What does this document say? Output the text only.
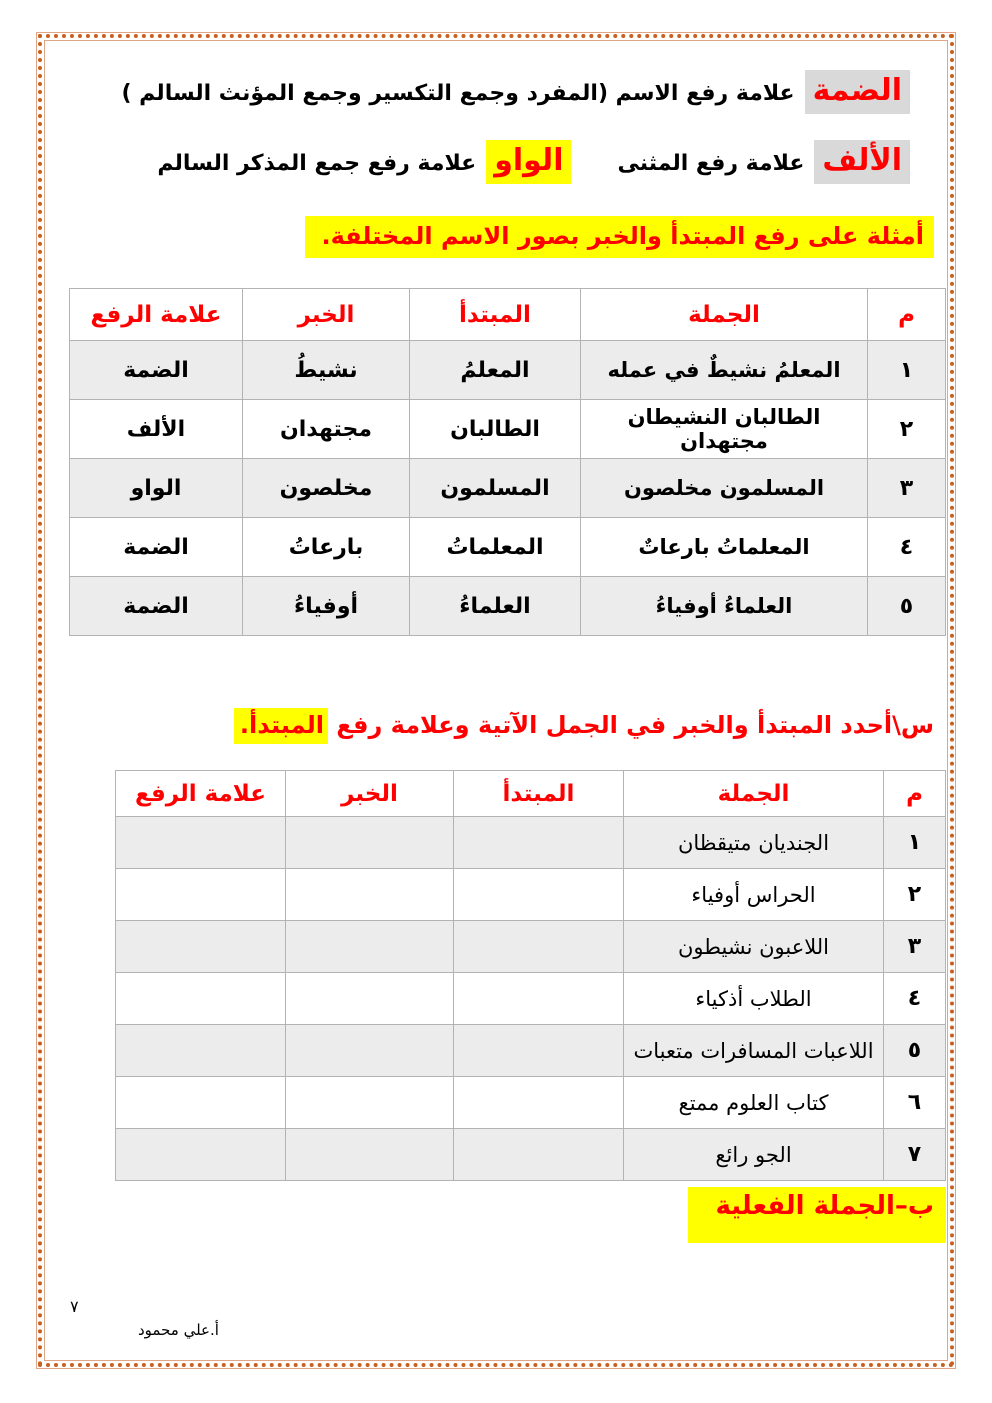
الضمةعلامة رفع الاسم (المفرد وجمع التكسير وجمع المؤنث السالم )
الألفعلامة رفع المثنى
الواوعلامة رفع جمع المذكر السالم
أمثلة على رفع المبتدأ والخبر بصور الاسم المختلفة.
م	الجملة	المبتدأ	الخبر	علامة الرفع
١	المعلمُ نشيطٌ في عمله	المعلمُ	نشيطُ	الضمة
٢	الطالبان النشيطان مجتهدان	الطالبان	مجتهدان	الألف
٣	المسلمون مخلصون	المسلمون	مخلصون	الواو
٤	المعلماتُ بارعاتٌ	المعلماتُ	بارعاتُ	الضمة
٥	العلماءُ أوفياءُ	العلماءُ	أوفياءُ	الضمة
س\أحدد المبتدأ والخبر في الجمل الآتية وعلامة رفع المبتدأ.
م	الجملة	المبتدأ	الخبر	علامة الرفع
١	الجنديان متيقظان			
٢	الحراس أوفياء			
٣	اللاعبون نشيطون			
٤	الطلاب أذكياء			
٥	اللاعبات المسافرات متعبات			
٦	كتاب العلوم ممتع			
٧	الجو رائع			
ب–الجملة الفعلية
٧
أ.علي محمود
